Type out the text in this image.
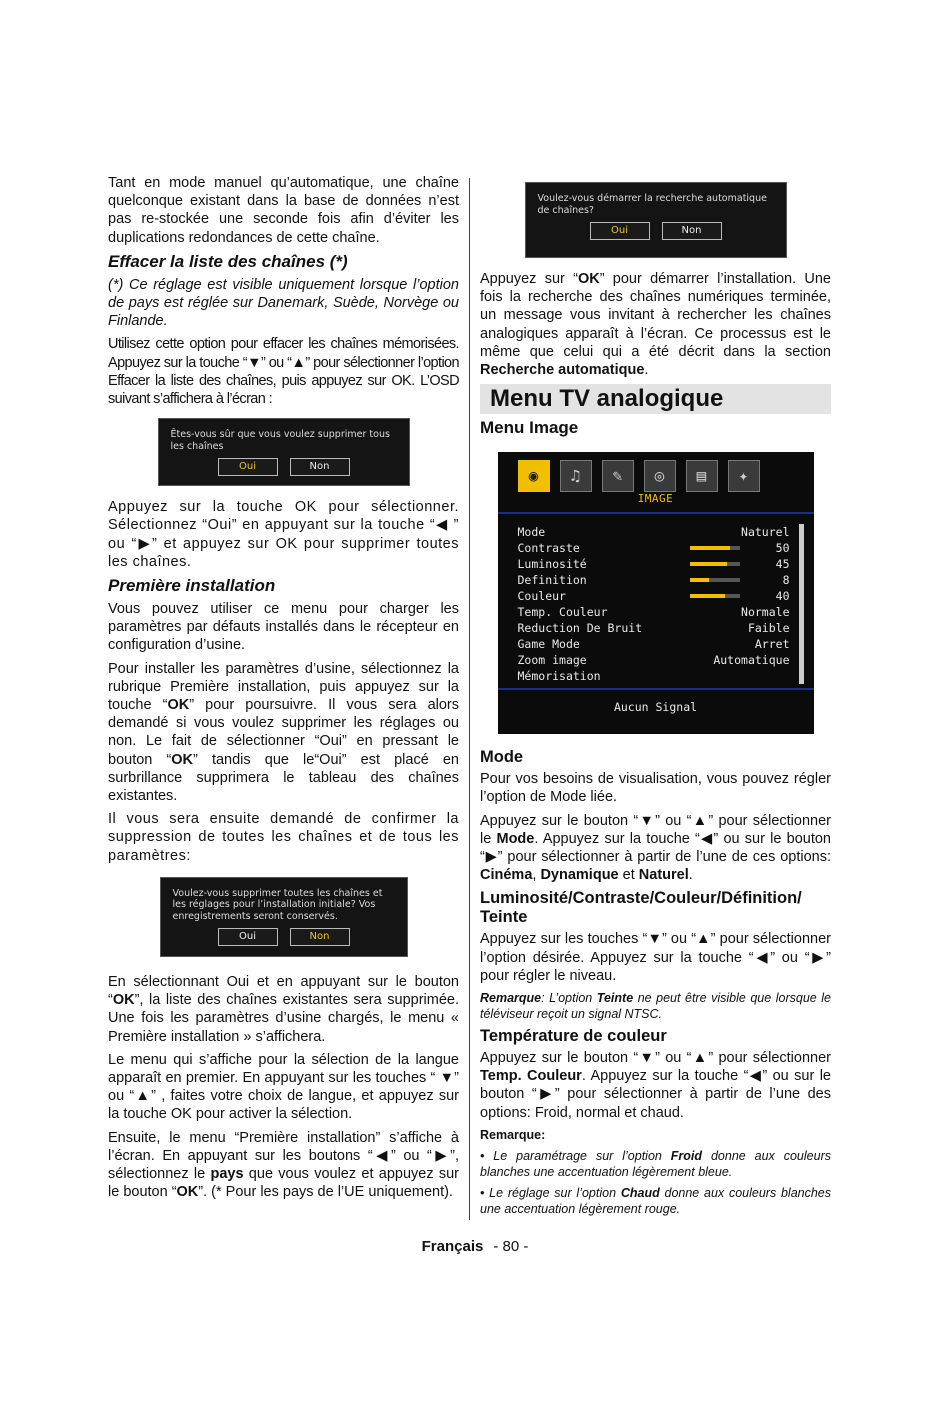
Tant en mode manuel qu’automatique, une chaîne quelconque existant dans la base de données n’est pas re-stockée une seconde fois afin d’éviter les duplications redondances de cette chaîne.

Effacer la liste des chaînes (*)

(*) Ce réglage est visible uniquement lorsque l’option de pays est réglée sur Danemark, Suède, Norvège ou Finlande.

Utilisez cette option pour effacer les chaînes mémorisées. Appuyez sur la touche “▼” ou “▲” pour sélectionner l’option Effacer la liste des chaînes, puis appuyez sur OK. L’OSD suivant s’affichera à l’écran :

Êtes-vous sûr que vous voulez supprimer tous les chaînes
Oui	Non

Appuyez sur la touche OK pour sélectionner. Sélectionnez “Oui” en appuyant sur la touche “◀ ” ou “▶” et appuyez sur OK pour supprimer toutes les chaînes.

Première installation

Vous pouvez utiliser ce menu pour charger les paramètres par défauts installés dans le récepteur en configuration d’usine.

Pour installer les paramètres d’usine, sélectionnez la rubrique Première installation, puis appuyez sur la touche “OK” pour poursuivre. Il vous sera alors demandé si vous voulez supprimer les réglages ou non. Le fait de sélectionner “Oui” en pressant le bouton “OK” tandis que le“Oui” est placé en surbrillance supprimera le tableau des chaînes existantes.

Il vous sera ensuite demandé de confirmer la suppression de toutes les chaînes et de tous les paramètres:

Voulez-vous supprimer toutes les chaînes et les réglages pour l’installation initiale? Vos enregistrements seront conservés.
Oui	Non

En sélectionnant Oui et en appuyant sur le bouton “OK”, la liste des chaînes existantes sera supprimée. Une fois les paramètres d’usine chargés, le menu « Première installation » s’affichera.

Le menu qui s’affiche pour la sélection de la langue apparaît en premier. En appuyant sur les touches “ ▼” ou “▲” , faites votre choix de langue, et appuyez sur la touche OK pour activer la sélection.

Ensuite, le menu “Première installation” s’affiche à l’écran. En appuyant sur les boutons “◀” ou “▶”, sélectionnez le pays que vous voulez et appuyez sur le bouton “OK”. (* Pour les pays de l’UE uniquement).

Voulez-vous démarrer la recherche automatique de chaînes?
Oui	Non

Appuyez sur “OK” pour démarrer l’installation. Une fois la recherche des chaînes numériques terminée, un message vous invitant à rechercher les chaînes analogiques apparaît à l’écran. Ce processus est le même que celui qui a été décrit dans la section Recherche automatique.

Menu TV analogique
Menu Image
◉	♫	✎	◎	▤	✦
IMAGE
Mode	Naturel
Contraste	50
Luminosité	45
Definition	8
Couleur	40
Temp. Couleur	Normale
Reduction De Bruit	Faible
Game Mode	Arret
Zoom image	Automatique
Mémorisation
Aucun Signal
Mode

Pour vos besoins de visualisation, vous pouvez régler l’option de Mode liée.

Appuyez sur le bouton “▼” ou “▲” pour sélectionner le Mode. Appuyez sur la touche “◀” ou sur le bouton “▶” pour sélectionner à partir de l’une de ces options: Cinéma, Dynamique et Naturel.

Luminosité/Contraste/Couleur/Définition/ Teinte

Appuyez sur les touches “▼” ou “▲” pour sélectionner l’option désirée. Appuyez sur la touche “◀” ou “▶” pour régler le niveau.

Remarque: L’option Teinte ne peut être visible que lorsque le téléviseur reçoit un signal NTSC.

Température de couleur

Appuyez sur le bouton “▼” ou “▲” pour sélectionner Temp. Couleur. Appuyez sur la touche “◀” ou sur le bouton “▶” pour sélectionner à partir de l’une des options: Froid, normal et chaud.

Remarque:

• Le paramétrage sur l’option Froid donne aux couleurs blanches une accentuation légèrement bleue.

• Le réglage sur l’option Chaud donne aux couleurs blanches une accentuation légèrement rouge.

Français - 80 -
